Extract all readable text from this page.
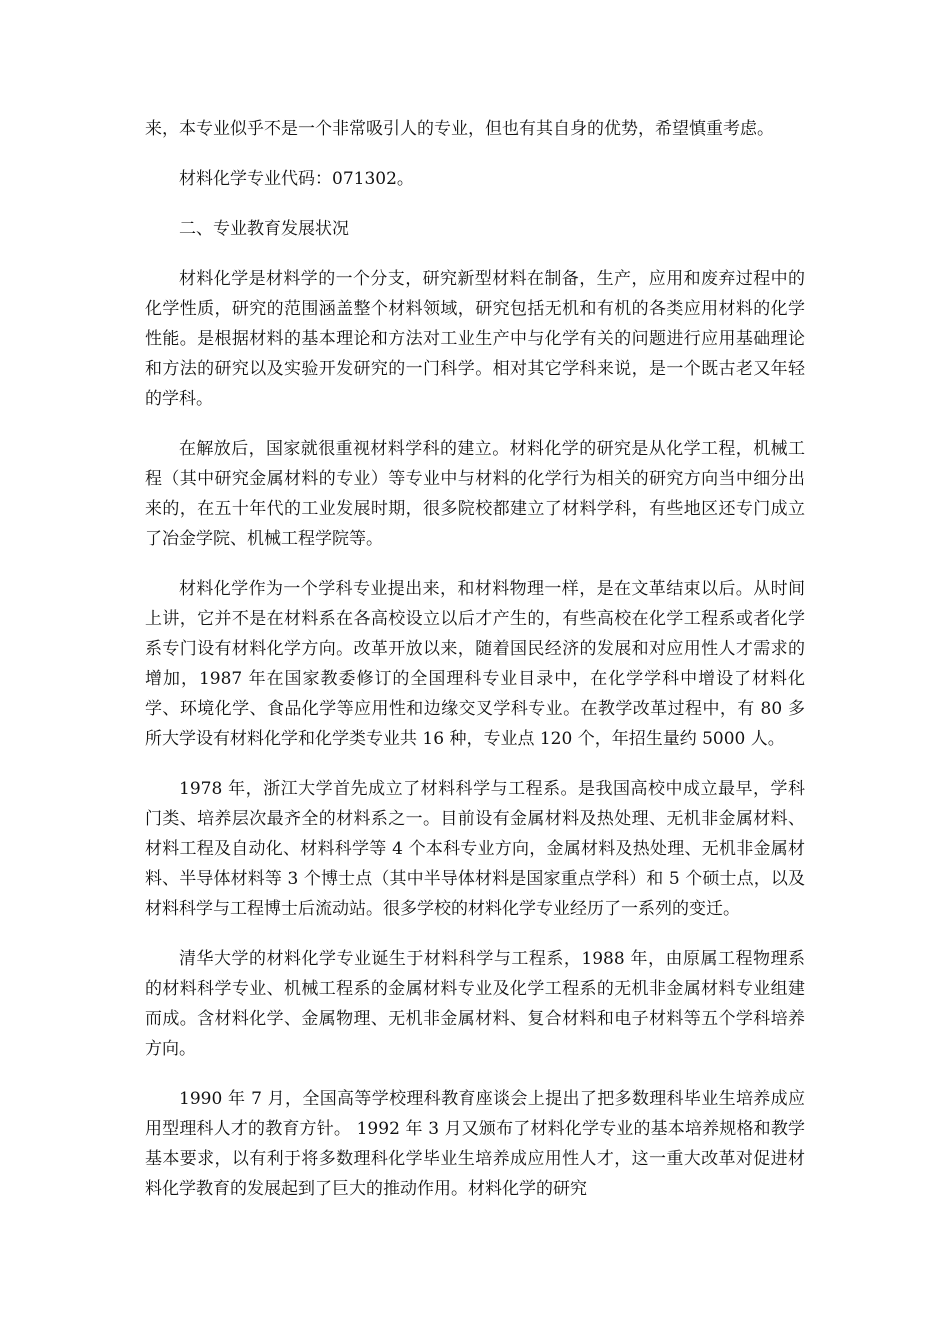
来，本专业似乎不是一个非常吸引人的专业，但也有其自身的优势，希望慎重考虑。

材料化学专业代码：071302。

二、专业教育发展状况

材料化学是材料学的一个分支，研究新型材料在制备，生产，应用和废弃过程中的化学性质，研究的范围涵盖整个材料领域，研究包括无机和有机的各类应用材料的化学性能。是根据材料的基本理论和方法对工业生产中与化学有关的问题进行应用基础理论和方法的研究以及实验开发研究的一门科学。相对其它学科来说，是一个既古老又年轻的学科。

在解放后，国家就很重视材料学科的建立。材料化学的研究是从化学工程，机械工程（其中研究金属材料的专业）等专业中与材料的化学行为相关的研究方向当中细分出来的，在五十年代的工业发展时期，很多院校都建立了材料学科，有些地区还专门成立了冶金学院、机械工程学院等。

材料化学作为一个学科专业提出来，和材料物理一样，是在文革结束以后。从时间上讲，它并不是在材料系在各高校设立以后才产生的，有些高校在化学工程系或者化学系专门设有材料化学方向。改革开放以来，随着国民经济的发展和对应用性人才需求的增加，1987 年在国家教委修订的全国理科专业目录中，在化学学科中增设了材料化学、环境化学、食品化学等应用性和边缘交叉学科专业。在教学改革过程中，有 80 多所大学设有材料化学和化学类专业共 16 种，专业点 120 个，年招生量约 5000 人。

1978 年，浙江大学首先成立了材料科学与工程系。是我国高校中成立最早，学科门类、培养层次最齐全的材料系之一。目前设有金属材料及热处理、无机非金属材料、材料工程及自动化、材料科学等 4 个本科专业方向，金属材料及热处理、无机非金属材料、半导体材料等 3 个博士点（其中半导体材料是国家重点学科）和 5 个硕士点，以及材料科学与工程博士后流动站。很多学校的材料化学专业经历了一系列的变迁。

清华大学的材料化学专业诞生于材料科学与工程系，1988 年，由原属工程物理系的材料科学专业、机械工程系的金属材料专业及化学工程系的无机非金属材料专业组建而成。含材料化学、金属物理、无机非金属材料、复合材料和电子材料等五个学科培养方向。

1990 年 7 月，全国高等学校理科教育座谈会上提出了把多数理科毕业生培养成应用型理科人才的教育方针。 1992 年 3 月又颁布了材料化学专业的基本培养规格和教学基本要求，以有利于将多数理科化学毕业生培养成应用性人才，这一重大改革对促进材料化学教育的发展起到了巨大的推动作用。材料化学的研究
